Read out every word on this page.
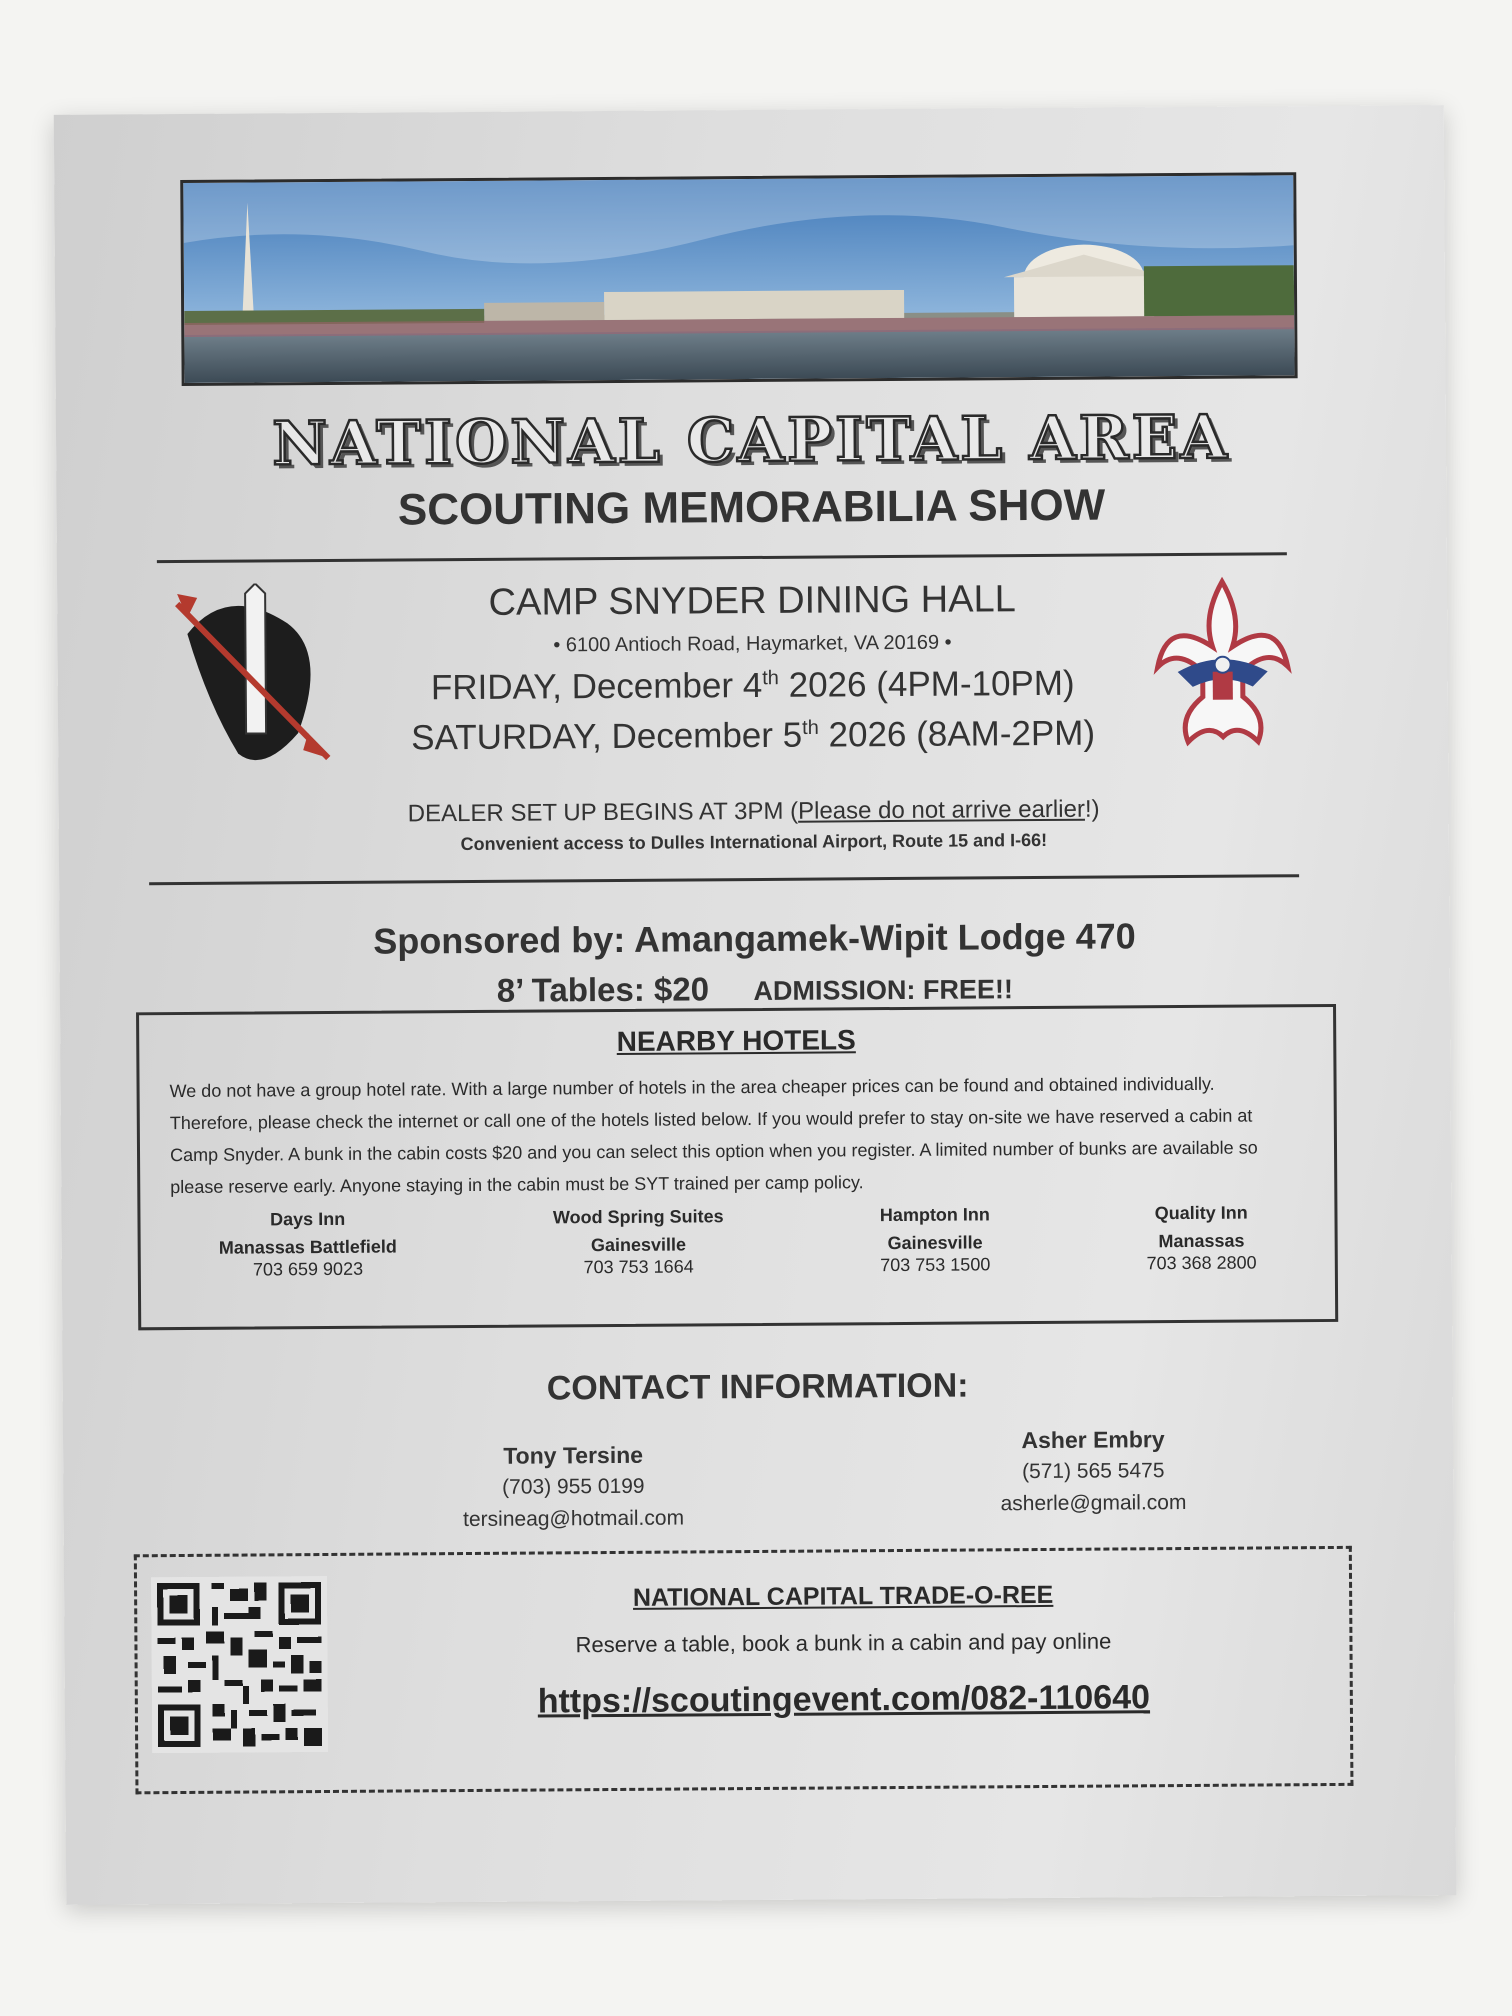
NATIONAL CAPITAL AREA
SCOUTING MEMORABILIA SHOW
CAMP SNYDER DINING HALL
• 6100 Antioch Road, Haymarket, VA 20169 •
FRIDAY, December 4th 2026 (4PM-10PM)
SATURDAY, December 5th 2026 (8AM-2PM)
DEALER SET UP BEGINS AT 3PM (Please do not arrive earlier!)
Convenient access to Dulles International Airport, Route 15 and I-66!
Sponsored by: Amangamek-Wipit Lodge 470
8’ Tables: $20 ADMISSION: FREE!!
NEARBY HOTELS
We do not have a group hotel rate. With a large number of hotels in the area cheaper prices can be found and obtained individually. Therefore, please check the internet or call one of the hotels listed below. If you would prefer to stay on-site we have reserved a cabin at Camp Snyder. A bunk in the cabin costs $20 and you can select this option when you register. A limited number of bunks are available so please reserve early. Anyone staying in the cabin must be SYT trained per camp policy.
Days Inn
Manassas Battlefield
703 659 9023
Wood Spring Suites
Gainesville
703 753 1664
Hampton Inn
Gainesville
703 753 1500
Quality Inn
Manassas
703 368 2800
CONTACT INFORMATION:
Tony Tersine
(703) 955 0199
tersineag@hotmail.com
Asher Embry
(571) 565 5475
asherle@gmail.com
NATIONAL CAPITAL TRADE-O-REE
Reserve a table, book a bunk in a cabin and pay online
https://scoutingevent.com/082-110640
